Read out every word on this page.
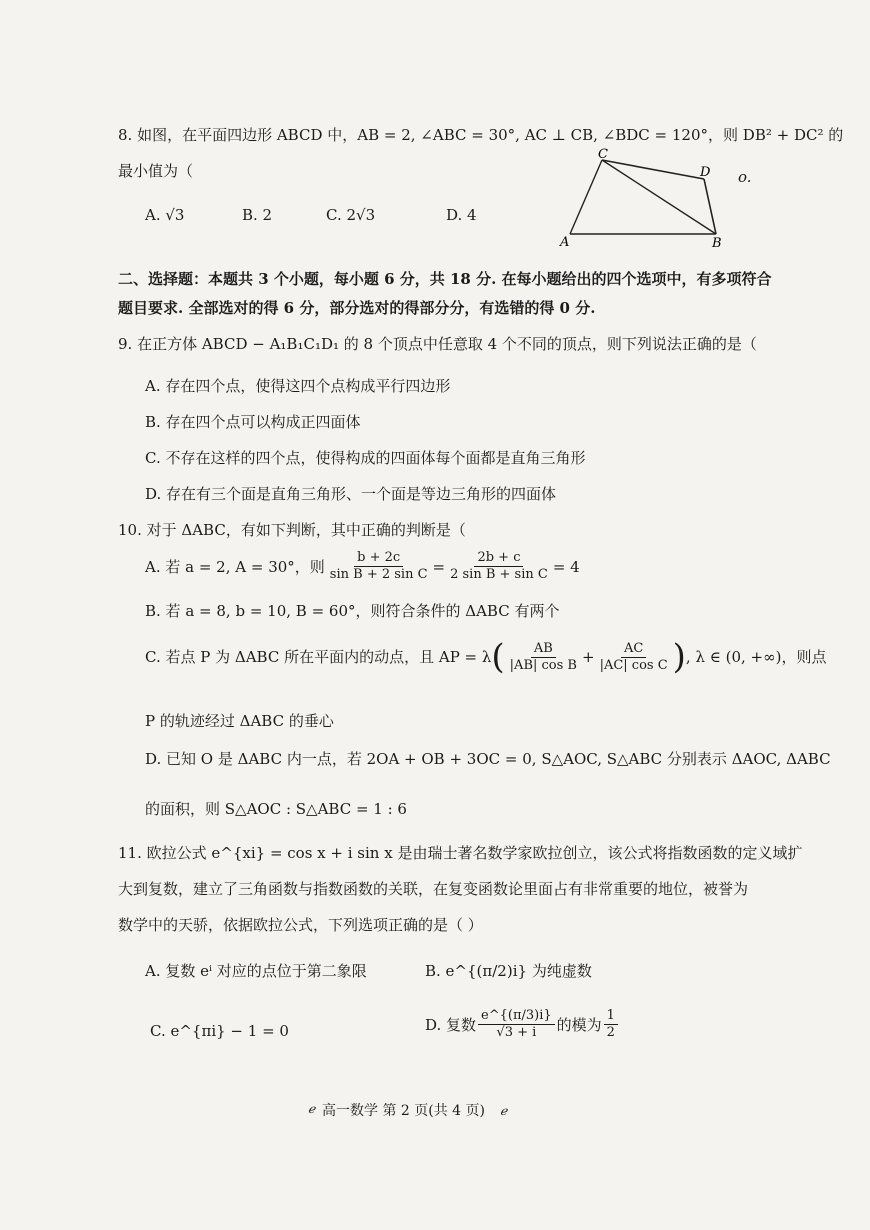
8. 如图，在平面四边形 ABCD 中，AB = 2, ∠ABC = 30°, AC ⊥ CB, ∠BDC = 120°，则 DB² + DC² 的
最小值为（
A. √3	B. 2	C. 2√3	D. 4
A	B
C
D o.
二、选择题：本题共 3 个小题，每小题 6 分，共 18 分. 在每小题给出的四个选项中，有多项符合
题目要求. 全部选对的得 6 分，部分选对的得部分分，有选错的得 0 分.
9. 在正方体 ABCD − A₁B₁C₁D₁ 的 8 个顶点中任意取 4 个不同的顶点，则下列说法正确的是（
A. 存在四个点，使得这四个点构成平行四边形
B. 存在四个点可以构成正四面体
C. 不存在这样的四个点，使得构成的四面体每个面都是直角三角形
D. 存在有三个面是直角三角形、一个面是等边三角形的四面体
10. 对于 ΔABC，有如下判断，其中正确的判断是（
A. 若 a = 2, A = 30°，则 $\frac{b + 2c}{\text{sin B + 2 sin C}} = \frac{2b + c}{\text{2 sin B + sin C}} = 4$
B. 若 a = 8, b = 10, B = 60°，则符合条件的 ΔABC 有两个
C. 若点 P 为 ΔABC 所在平面内的动点，且 AP = λ ( $\frac{AB}{\text{|AB| cos B}} + \frac{AC}{\text{|AC| cos C}}$ ) , λ ∈ (0, +∞)，则点
P 的轨迹经过 ΔABC 的垂心
D. 已知 O 是 ΔABC 内一点，若 2OA + OB + 3OC = 0, S△AOC, S△ABC 分别表示 ΔAOC, ΔABC
的面积，则 S△AOC : S△ABC = 1 : 6
11. 欧拉公式 e^{xi} = cos x + i sin x 是由瑞士著名数学家欧拉创立，该公式将指数函数的定义域扩
大到复数，建立了三角函数与指数函数的关联，在复变函数论里面占有非常重要的地位，被誉为
数学中的天骄，依据欧拉公式，下列选项正确的是（ ）
A. 复数 eⁱ 对应的点位于第二象限	B. e^{(π/2)i} 为纯虚数
C. e^{πi} − 1 = 0	D. 复数 $\frac{e\^{}\{(\pi/3)i\}}{√3 + i}$ 的模为 $\frac{1}{2}$
ℯ 高一数学 第 2 页(共 4 页) ℯ
